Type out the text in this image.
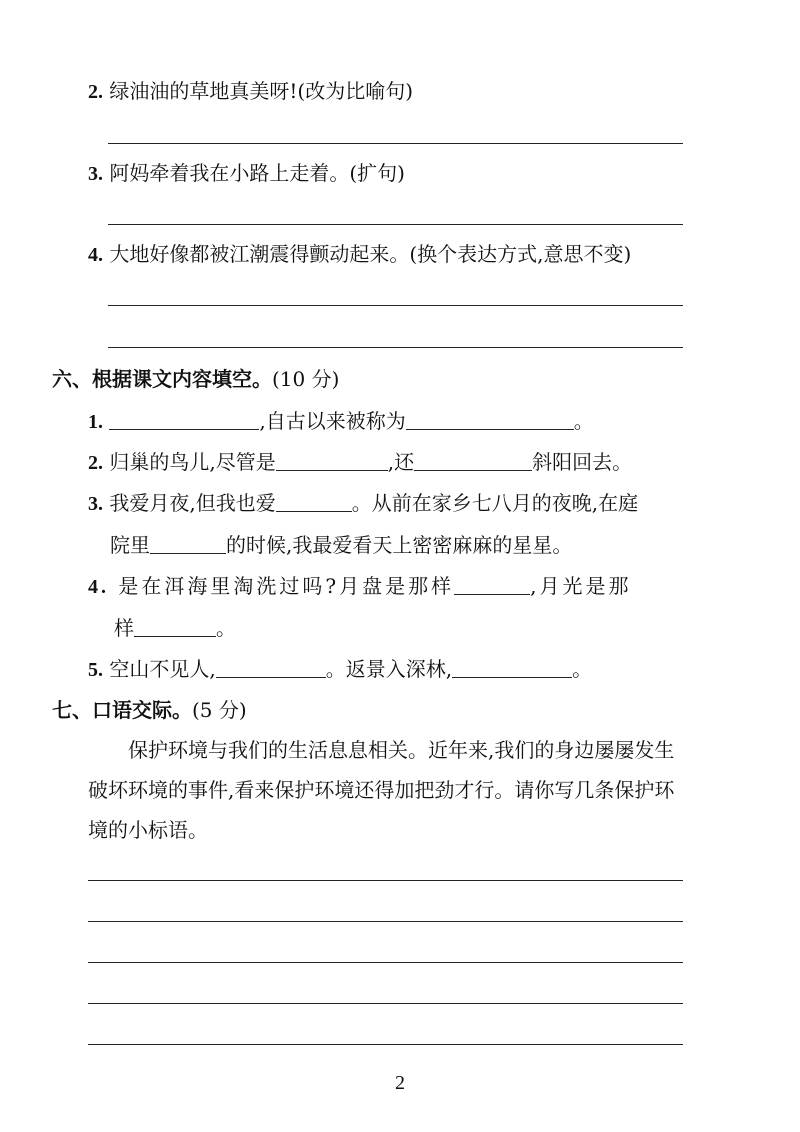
2. 绿油油的草地真美呀!(改为比喻句)
3. 阿妈牵着我在小路上走着。(扩句)
4. 大地好像都被江潮震得颤动起来。(换个表达方式,意思不变)
六、根据课文内容填空。(10 分)
1.	,自古以来被称为	。
2. 归巢的鸟儿,尽管是	,还	斜阳回去。
3. 我爱月夜,但我也爱	。从前在家乡七八月的夜晚,在庭
院里	的时候,我最爱看天上密密麻麻的星星。
4. 是在洱海里淘洗过吗?月盘是那样	,月光是那
样	。
5. 空山不见人,	。返景入深林,	。
七、口语交际。(5 分)
保护环境与我们的生活息息相关。近年来,我们的身边屡屡发生破坏环境的事件,看来保护环境还得加把劲才行。请你写几条保护环境的小标语。
2
